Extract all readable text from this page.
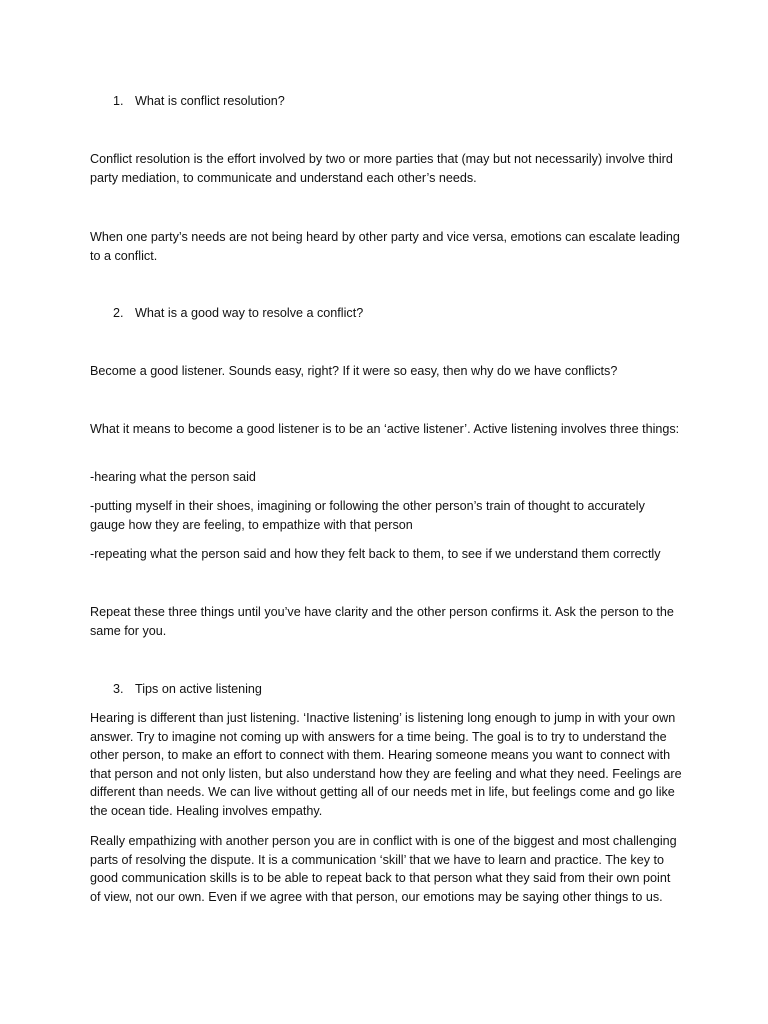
1. What is conflict resolution?

Conflict resolution is the effort involved by two or more parties that (may but not necessarily) involve third party mediation, to communicate and understand each other’s needs.

When one party’s needs are not being heard by other party and vice versa, emotions can escalate leading to a conflict.

2. What is a good way to resolve a conflict?

Become a good listener. Sounds easy, right? If it were so easy, then why do we have conflicts?

What it means to become a good listener is to be an ‘active listener’. Active listening involves three things:

-hearing what the person said

-putting myself in their shoes, imagining or following the other person’s train of thought to accurately gauge how they are feeling, to empathize with that person

-repeating what the person said and how they felt back to them, to see if we understand them correctly

Repeat these three things until you’ve have clarity and the other person confirms it. Ask the person to the same for you.

3. Tips on active listening

Hearing is different than just listening. ‘Inactive listening’ is listening long enough to jump in with your own answer. Try to imagine not coming up with answers for a time being. The goal is to try to understand the other person, to make an effort to connect with them. Hearing someone means you want to connect with that person and not only listen, but also understand how they are feeling and what they need. Feelings are different than needs. We can live without getting all of our needs met in life, but feelings come and go like the ocean tide. Healing involves empathy.

Really empathizing with another person you are in conflict with is one of the biggest and most challenging parts of resolving the dispute. It is a communication ‘skill’ that we have to learn and practice. The key to good communication skills is to be able to repeat back to that person what they said from their own point of view, not our own. Even if we agree with that person, our emotions may be saying other things to us.
